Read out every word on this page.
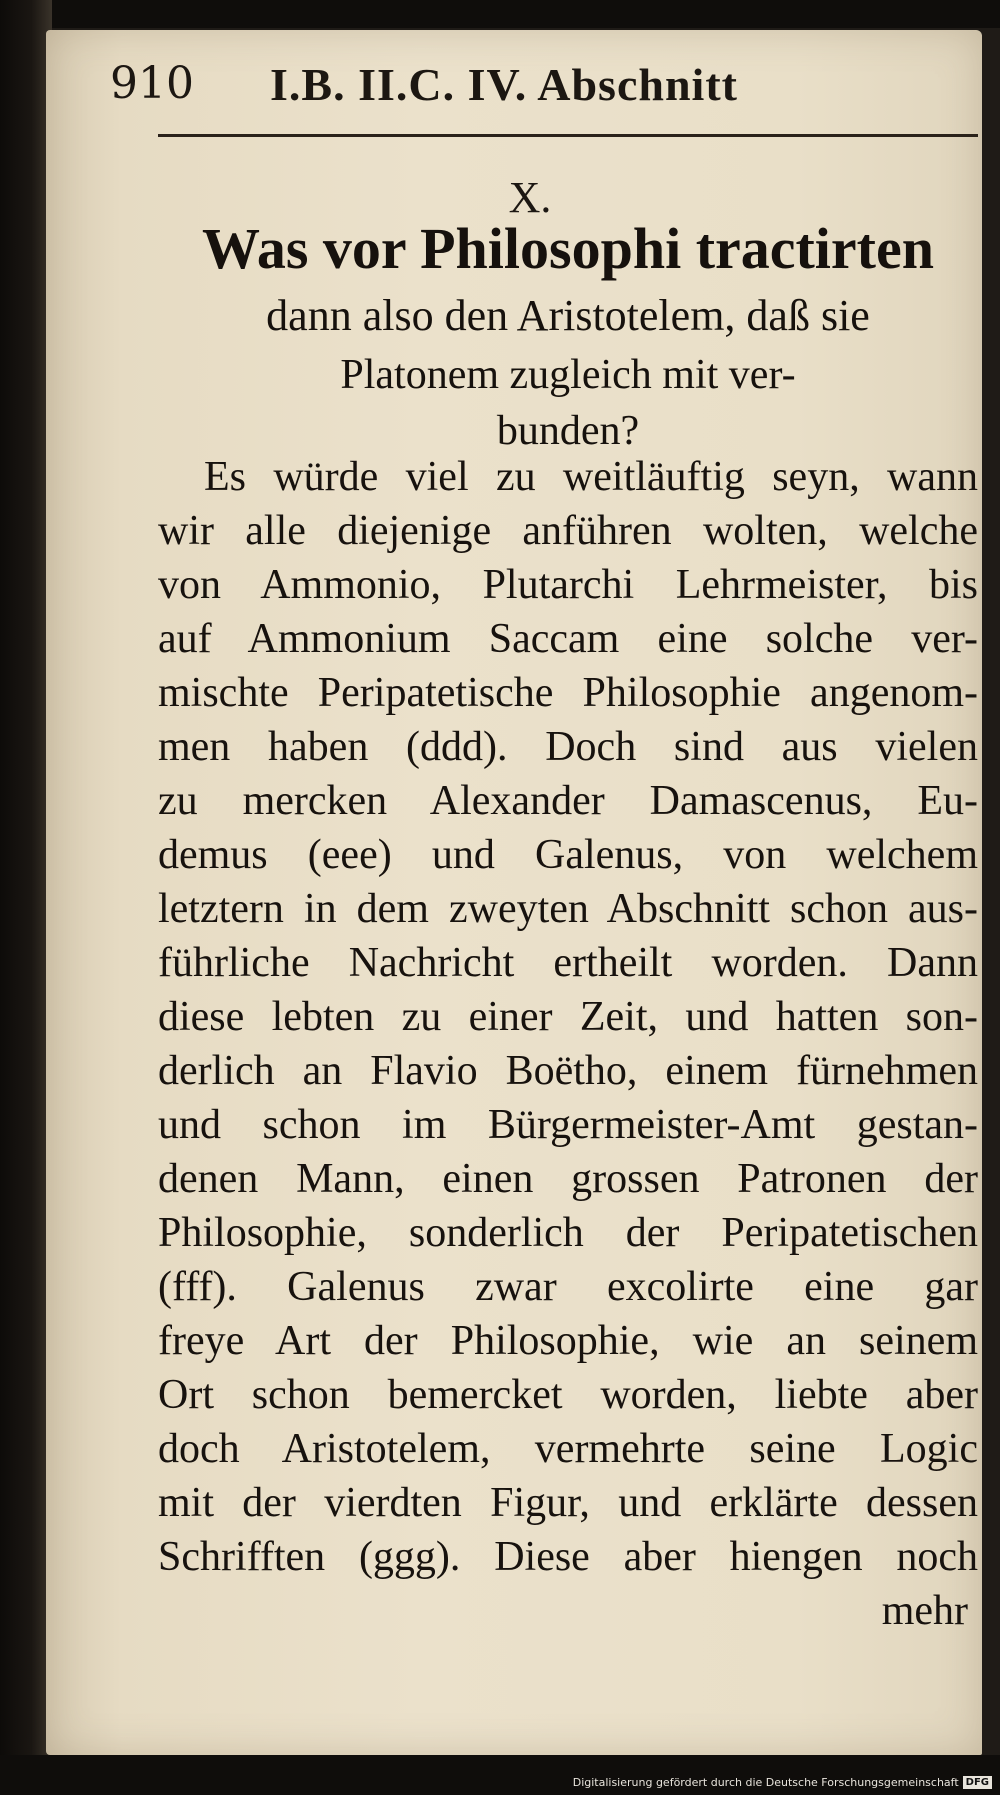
910 I.B. II.C. IV. Abschnitt
X.
Was vor Philosophi tractirten
dann also den Aristotelem, daß sie
Platonem zugleich mit ver-
bunden?
Es würde viel zu weitläuftig seyn, wann
wir alle diejenige anführen wolten, welche
von Ammonio, Plutarchi Lehrmeister, bis
auf Ammonium Saccam eine solche ver-
mischte Peripatetische Philosophie angenom-
men haben (ddd). Doch sind aus vielen
zu mercken Alexander Damascenus, Eu-
demus (eee) und Galenus, von welchem
letztern in dem zweyten Abschnitt schon aus-
führliche Nachricht ertheilt worden. Dann
diese lebten zu einer Zeit, und hatten son-
derlich an Flavio Boëtho, einem fürnehmen
und schon im Bürgermeister-Amt gestan-
denen Mann, einen grossen Patronen der
Philosophie, sonderlich der Peripatetischen
(fff). Galenus zwar excolirte eine gar
freye Art der Philosophie, wie an seinem
Ort schon bemercket worden, liebte aber
doch Aristotelem, vermehrte seine Logic
mit der vierdten Figur, und erklärte dessen
Schrifften (ggg). Diese aber hiengen noch
mehr
Digitalisierung gefördert durch die Deutsche Forschungsgemeinschaft DFG
